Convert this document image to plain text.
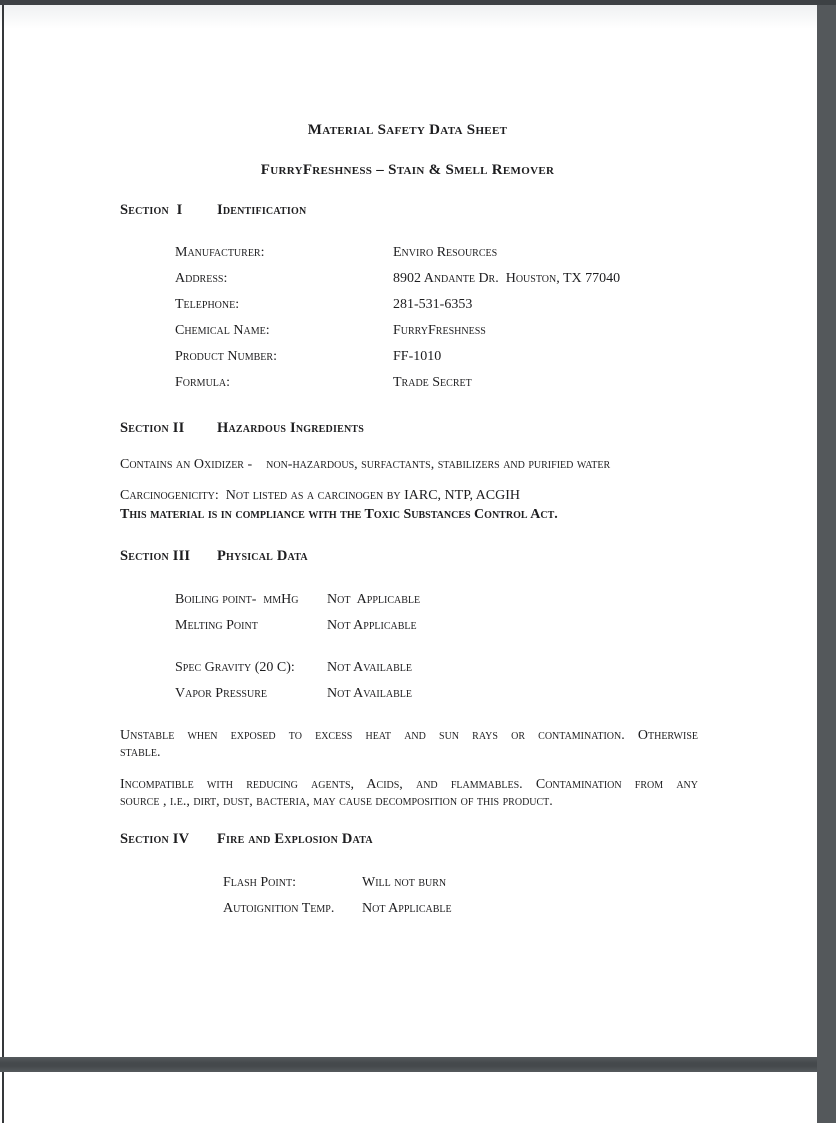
Material Safety Data Sheet
FurryFreshness – Stain & Smell Remover
Section  I Identification
Manufacturer:	Enviro Resources
Address:	8902 Andante Dr.  Houston, TX 77040
Telephone:	281-531-6353
Chemical Name:	FurryFreshness
Product Number:	FF-1010
Formula:	Trade Secret
Section II Hazardous Ingredients
Contains an Oxidizer -    non-hazardous, surfactants, stabilizers and purified water
Carcinogenicity:  Not listed as a carcinogen by IARC, NTP, ACGIH
This material is in compliance with the Toxic Substances Control Act.
Section III Physical Data
Boiling point-  mmHg Not  Applicable
Melting Point	Not Applicable
Spec Gravity (20 C): Not Available
Vapor Pressure	Not Available
Unstable when exposed to excess heat and sun rays or contamination. Otherwise
stable.
Incompatible with reducing agents, Acids, and flammables. Contamination from any
source , i.e., dirt, dust, bacteria, may cause decomposition of this product.
Section IV Fire and Explosion Data
Flash Point:	Will not burn
Autoignition Temp. Not Applicable
